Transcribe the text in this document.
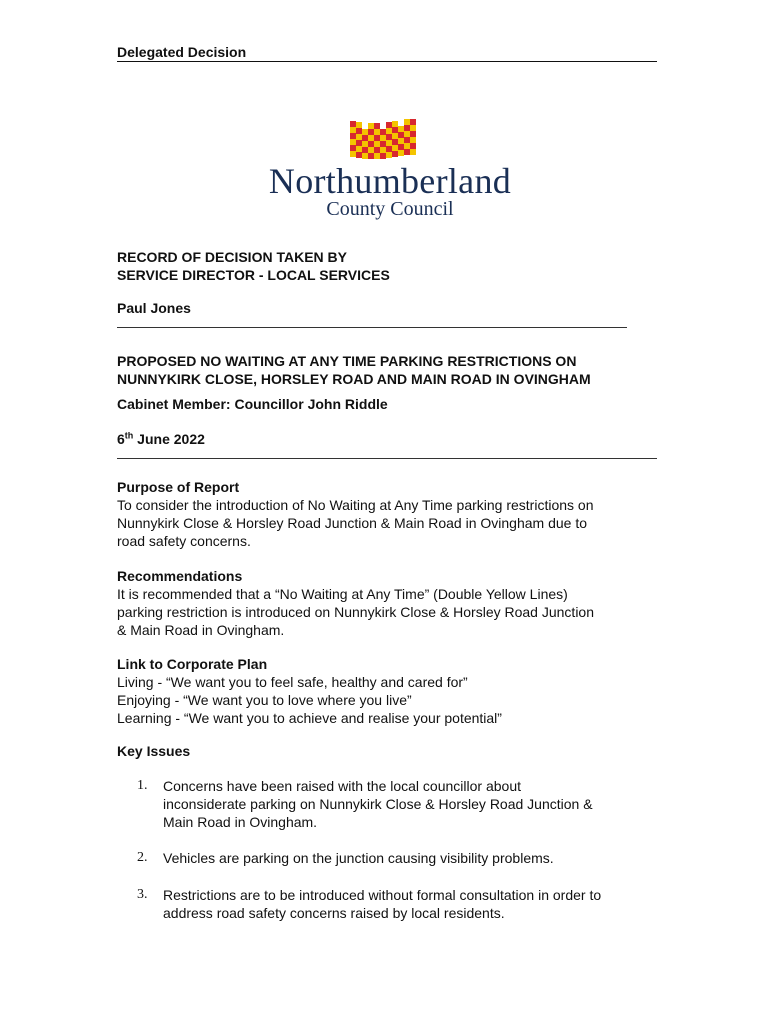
Delegated Decision
Northumberland
County Council
RECORD OF DECISION TAKEN BY
SERVICE DIRECTOR - LOCAL SERVICES
Paul Jones
PROPOSED NO WAITING AT ANY TIME PARKING RESTRICTIONS ON
NUNNYKIRK CLOSE, HORSLEY ROAD AND MAIN ROAD IN OVINGHAM
Cabinet Member: Councillor John Riddle
6th June 2022
Purpose of Report
To consider the introduction of No Waiting at Any Time parking restrictions on
Nunnykirk Close & Horsley Road Junction & Main Road in Ovingham due to
road safety concerns.
Recommendations
It is recommended that a “No Waiting at Any Time” (Double Yellow Lines)
parking restriction is introduced on Nunnykirk Close & Horsley Road Junction
& Main Road in Ovingham.
Link to Corporate Plan
Living - “We want you to feel safe, healthy and cared for”
Enjoying - “We want you to love where you live”
Learning - “We want you to achieve and realise your potential”
Key Issues
1. Concerns have been raised with the local councillor about
inconsiderate parking on Nunnykirk Close & Horsley Road Junction &
Main Road in Ovingham.
2. Vehicles are parking on the junction causing visibility problems.
3. Restrictions are to be introduced without formal consultation in order to
address road safety concerns raised by local residents.
